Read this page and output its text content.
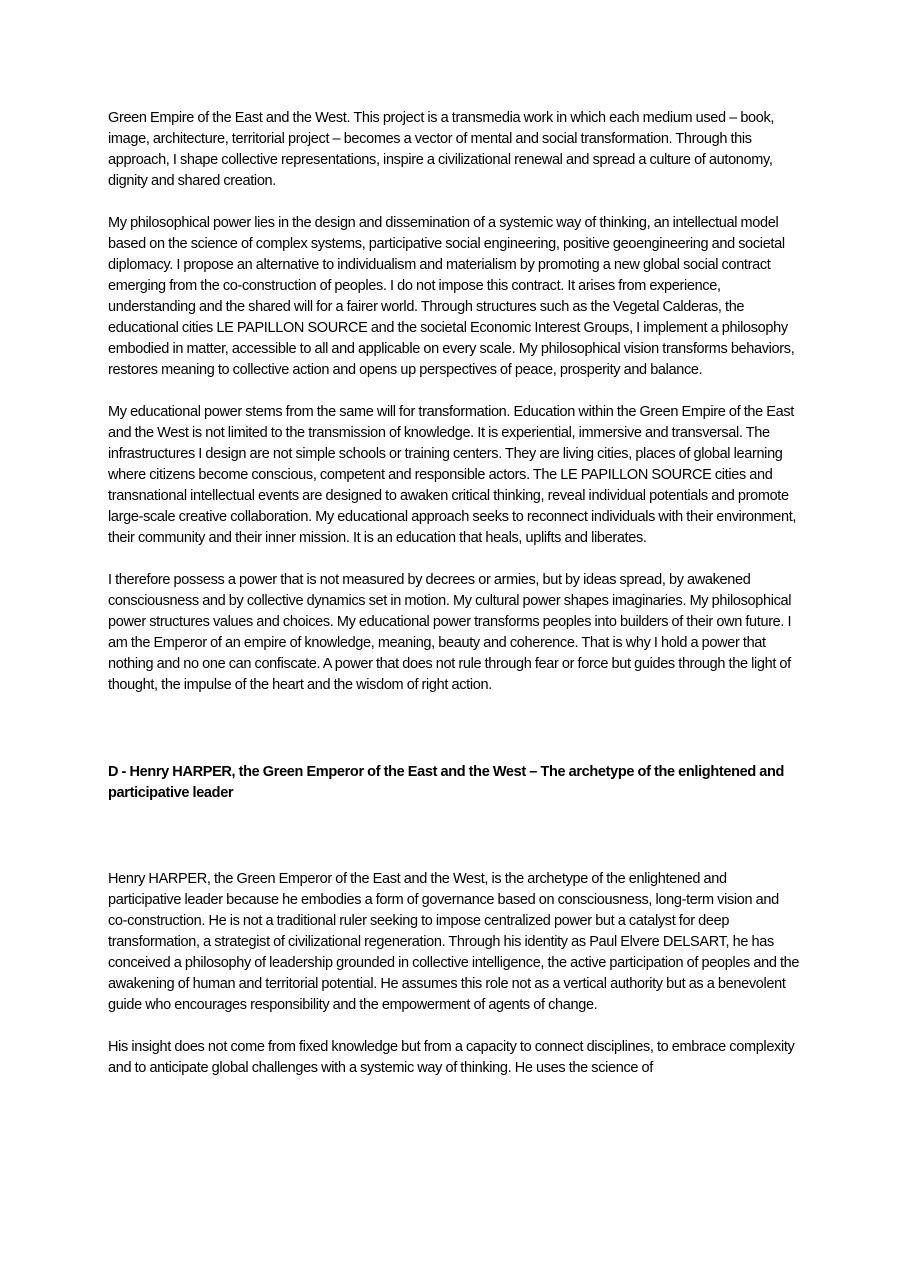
Green Empire of the East and the West. This project is a transmedia work in which each medium used – book, image, architecture, territorial project – becomes a vector of mental and social transformation. Through this approach, I shape collective representations, inspire a civilizational renewal and spread a culture of autonomy, dignity and shared creation.

My philosophical power lies in the design and dissemination of a systemic way of thinking, an intellectual model based on the science of complex systems, participative social engineering, positive geoengineering and societal diplomacy. I propose an alternative to individualism and materialism by promoting a new global social contract emerging from the co-construction of peoples. I do not impose this contract. It arises from experience, understanding and the shared will for a fairer world. Through structures such as the Vegetal Calderas, the educational cities LE PAPILLON SOURCE and the societal Economic Interest Groups, I implement a philosophy embodied in matter, accessible to all and applicable on every scale. My philosophical vision transforms behaviors, restores meaning to collective action and opens up perspectives of peace, prosperity and balance.

My educational power stems from the same will for transformation. Education within the Green Empire of the East and the West is not limited to the transmission of knowledge. It is experiential, immersive and transversal. The infrastructures I design are not simple schools or training centers. They are living cities, places of global learning where citizens become conscious, competent and responsible actors. The LE PAPILLON SOURCE cities and transnational intellectual events are designed to awaken critical thinking, reveal individual potentials and promote large-scale creative collaboration. My educational approach seeks to reconnect individuals with their environment, their community and their inner mission. It is an education that heals, uplifts and liberates.

I therefore possess a power that is not measured by decrees or armies, but by ideas spread, by awakened consciousness and by collective dynamics set in motion. My cultural power shapes imaginaries. My philosophical power structures values and choices. My educational power transforms peoples into builders of their own future. I am the Emperor of an empire of knowledge, meaning, beauty and coherence. That is why I hold a power that nothing and no one can confiscate. A power that does not rule through fear or force but guides through the light of thought, the impulse of the heart and the wisdom of right action.

D - Henry HARPER, the Green Emperor of the East and the West – The archetype of the enlightened and participative leader

Henry HARPER, the Green Emperor of the East and the West, is the archetype of the enlightened and participative leader because he embodies a form of governance based on consciousness, long-term vision and co-construction. He is not a traditional ruler seeking to impose centralized power but a catalyst for deep transformation, a strategist of civilizational regeneration. Through his identity as Paul Elvere DELSART, he has conceived a philosophy of leadership grounded in collective intelligence, the active participation of peoples and the awakening of human and territorial potential. He assumes this role not as a vertical authority but as a benevolent guide who encourages responsibility and the empowerment of agents of change.

His insight does not come from fixed knowledge but from a capacity to connect disciplines, to embrace complexity and to anticipate global challenges with a systemic way of thinking. He uses the science of
